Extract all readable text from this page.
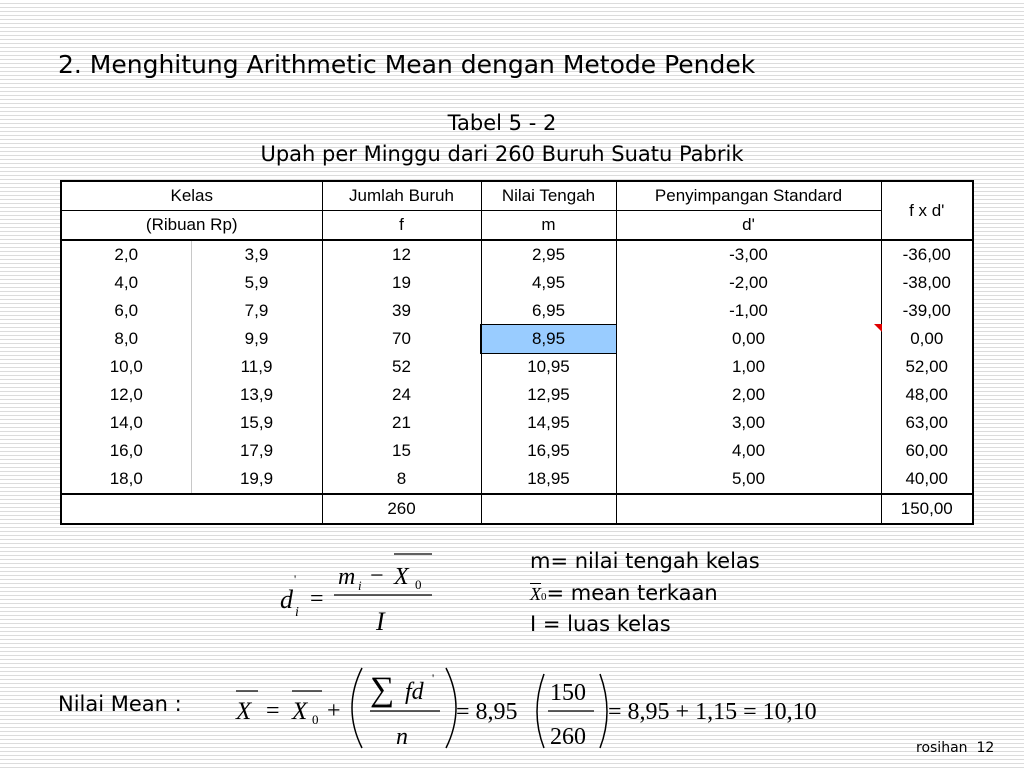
2. Menghitung Arithmetic Mean dengan Metode Pendek
Tabel 5 - 2
Upah per Minggu dari 260 Buruh Suatu Pabrik
Kelas		Jumlah Buruh	Nilai Tengah	Penyimpangan Standard	f x d'
(Ribuan Rp)		f	m	d'	
2,0	3,9	12	2,95	-3,00	-36,00
4,0	5,9	19	4,95	-2,00	-38,00
6,0	7,9	39	6,95	-1,00	-39,00
8,0	9,9	70	8,95	0,00	0,00
10,0	11,9	52	10,95	1,00	52,00
12,0	13,9	24	12,95	2,00	48,00
14,0	15,9	21	14,95	3,00	63,00
16,0	17,9	15	16,95	4,00	60,00
18,0	19,9	8	18,95	5,00	40,00
		260			150,00
d
'
i
=
m i − X 0
I
m= nilai tengah kelas
X0= mean terkaan
I = luas kelas
Nilai Mean : X = X 0 +
∑ fd
'
n
= 8,95
150
260
= 8,95 + 1,15 = 10,10
rosihan 12
